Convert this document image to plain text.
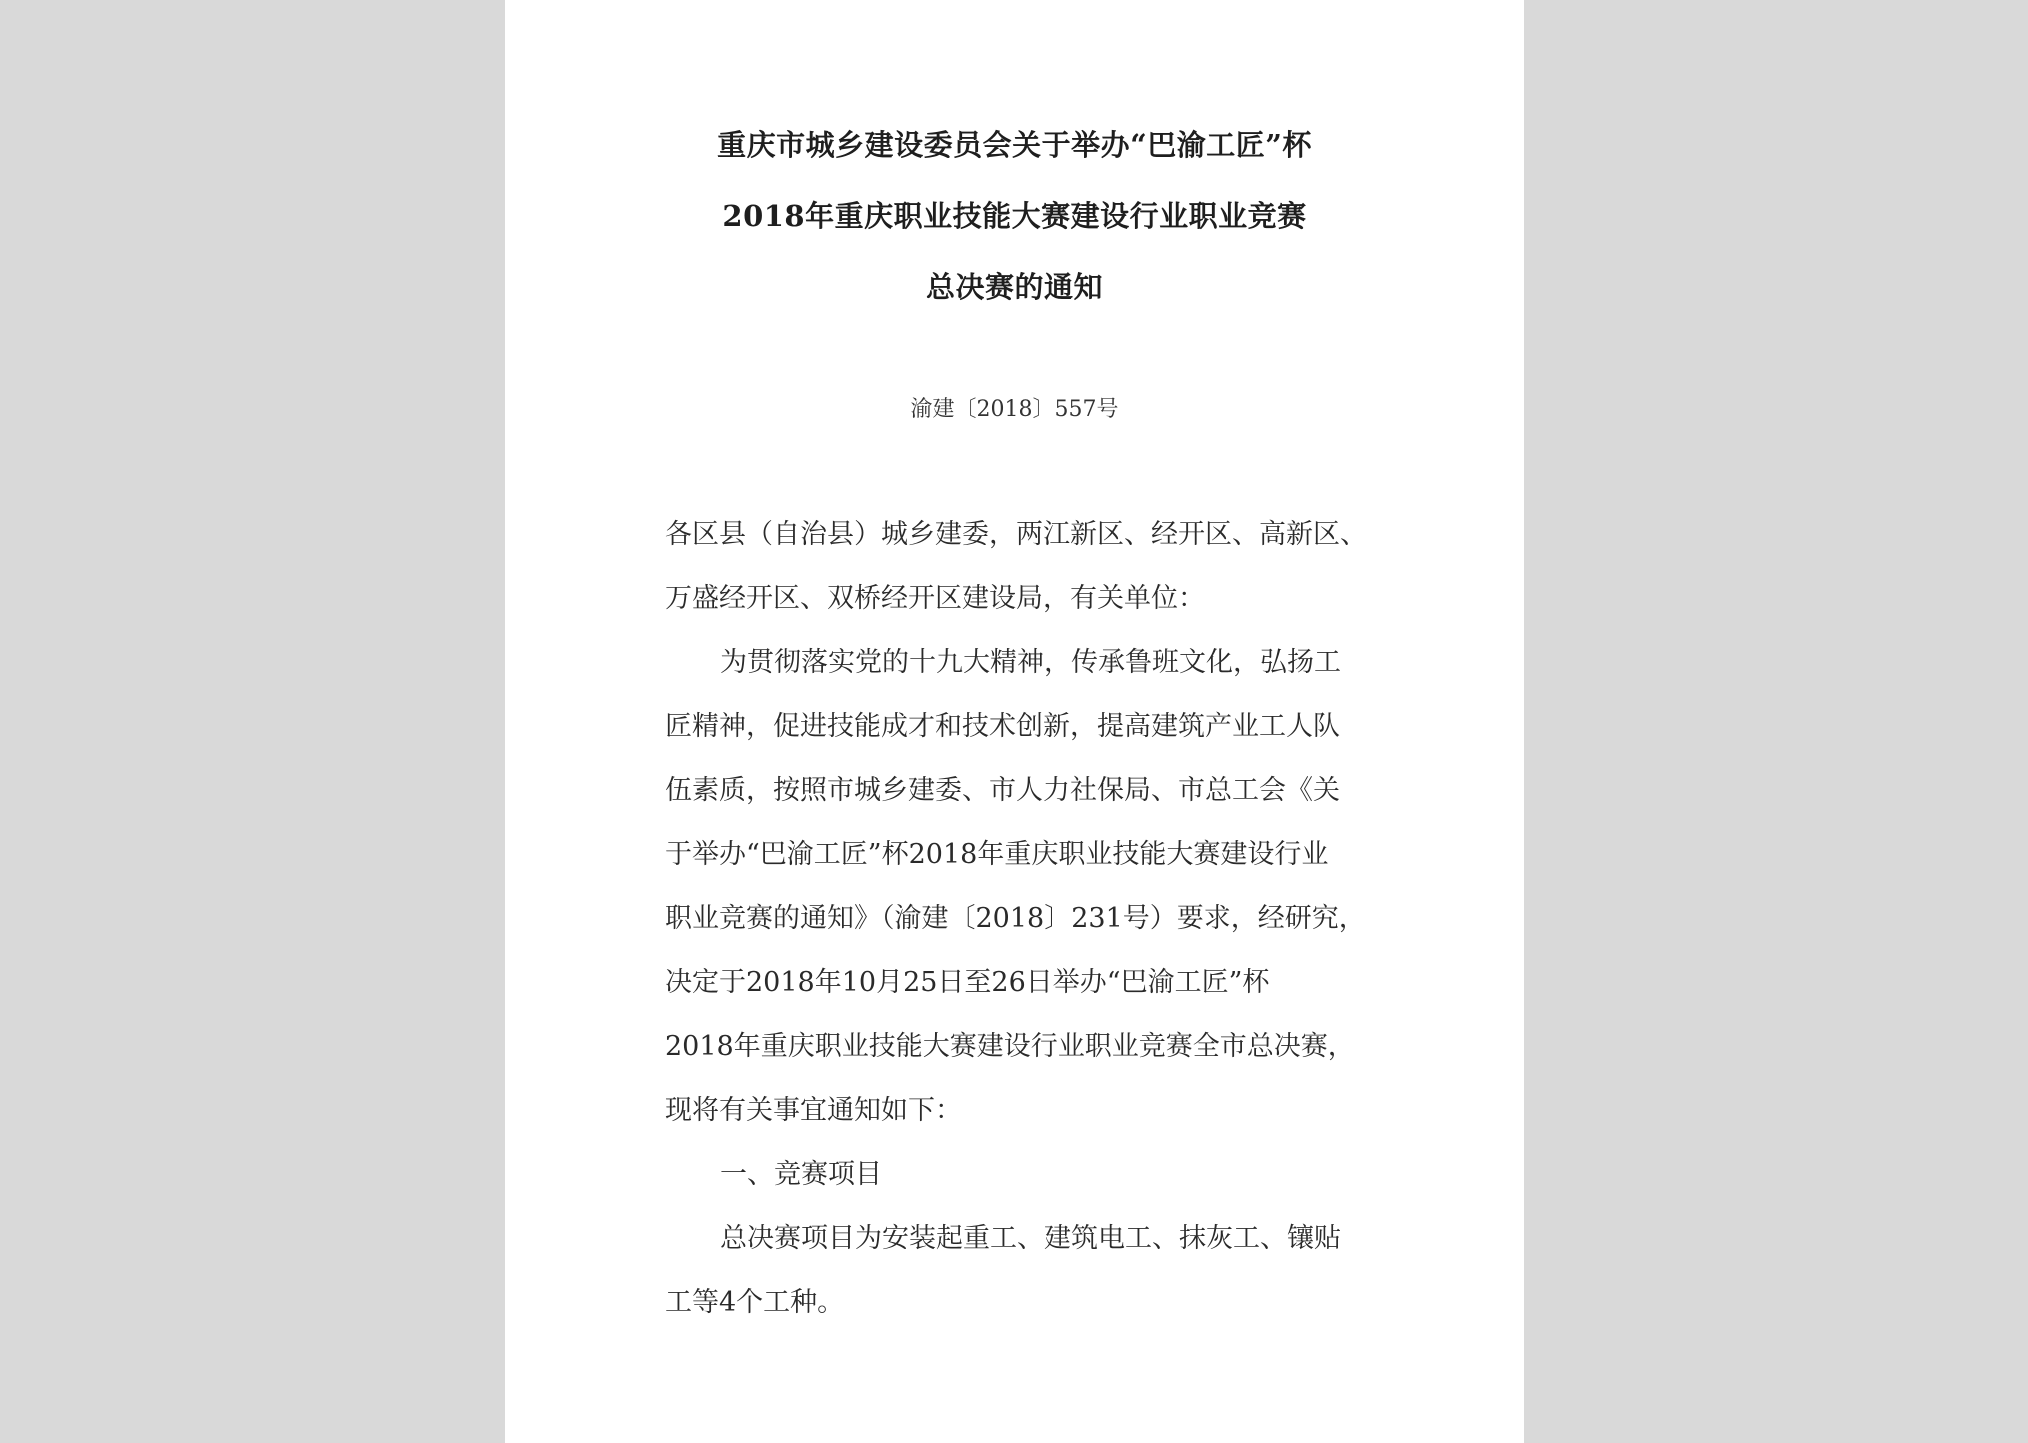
重庆市城乡建设委员会关于举办“巴渝工匠”杯
2018年重庆职业技能大赛建设行业职业竞赛
总决赛的通知
渝建〔2018〕557号
各区县（自治县）城乡建委，两江新区、经开区、高新区、
万盛经开区、双桥经开区建设局，有关单位：
为贯彻落实党的十九大精神，传承鲁班文化，弘扬工
匠精神，促进技能成才和技术创新，提高建筑产业工人队
伍素质，按照市城乡建委、市人力社保局、市总工会《关
于举办“巴渝工匠”杯2018年重庆职业技能大赛建设行业
职业竞赛的通知》（渝建〔2018〕231号）要求，经研究，
决定于2018年10月25日至26日举办“巴渝工匠”杯
2018年重庆职业技能大赛建设行业职业竞赛全市总决赛，
现将有关事宜通知如下：
一、竞赛项目
总决赛项目为安装起重工、建筑电工、抹灰工、镶贴
工等4个工种。
